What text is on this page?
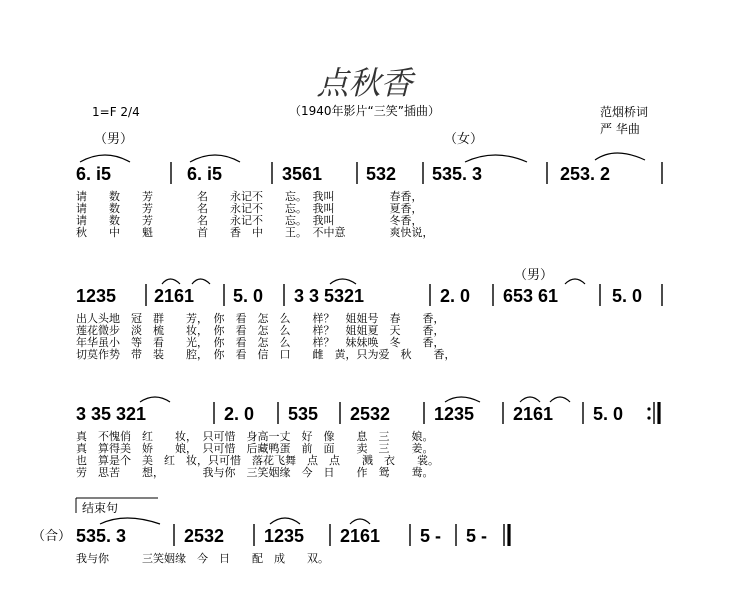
点秋香
（1940年影片“三笑”插曲）
1=F 2/4	范烟桥词
严 华曲
（男）	（女）
6. i5	6. i5	3561 532 535. 3	253. 2
请　　数　　芳　　　　名　　永记不　　忘。　我叫　　　　　春香，
请　　数　　芳　　　　名　　永记不　　忘。　我叫　　　　　夏香，
请　　数　　芳　　　　名　　永记不　　忘。　我叫　　　　　冬香，
秋　　中　　魁　　　　首　　香　中　　王。　不中意　　　　爽快说，
（男）
1235 2161 5. 0 3 3 5321	2. 0 653 61	5. 0
出人头地　冠　群　　芳，　你　看　怎　么　　样？　姐姐号　春　　香，
莲花微步　淡　梳　　妆，　你　看　怎　么　　样？　姐姐夏　天　　香，
年华虽小　等　看　　光，　你　看　怎　么　　样？　妹妹唤　冬　　香，
切莫作势　带　装　　腔，　你　看　信　口　　雌　黄，只为爱　秋　　香，
3 35 321	2. 0 535 2532 1235 2161 5. 0
真　不愧俏　红　　妆，　只可惜　身高一丈　好　像　　息　三　　娘。
真　算得美　娇　　娘，　只可惜　后藏鸭蛋　前　面　　卖　三　　姜。
也　算是个　美　红　妆，只可惜　落花飞舞　点　点　　溅　衣　　裳。
劳　思苦　　想，　　　　我与你　三笑姻缘　今　日　　作　鸳　　鸯。
结束句
（合） 535. 3	2532 1235 2161 5 - 5 -
我与你　　　三笑姻缘　今　日　　配　成　　双。
